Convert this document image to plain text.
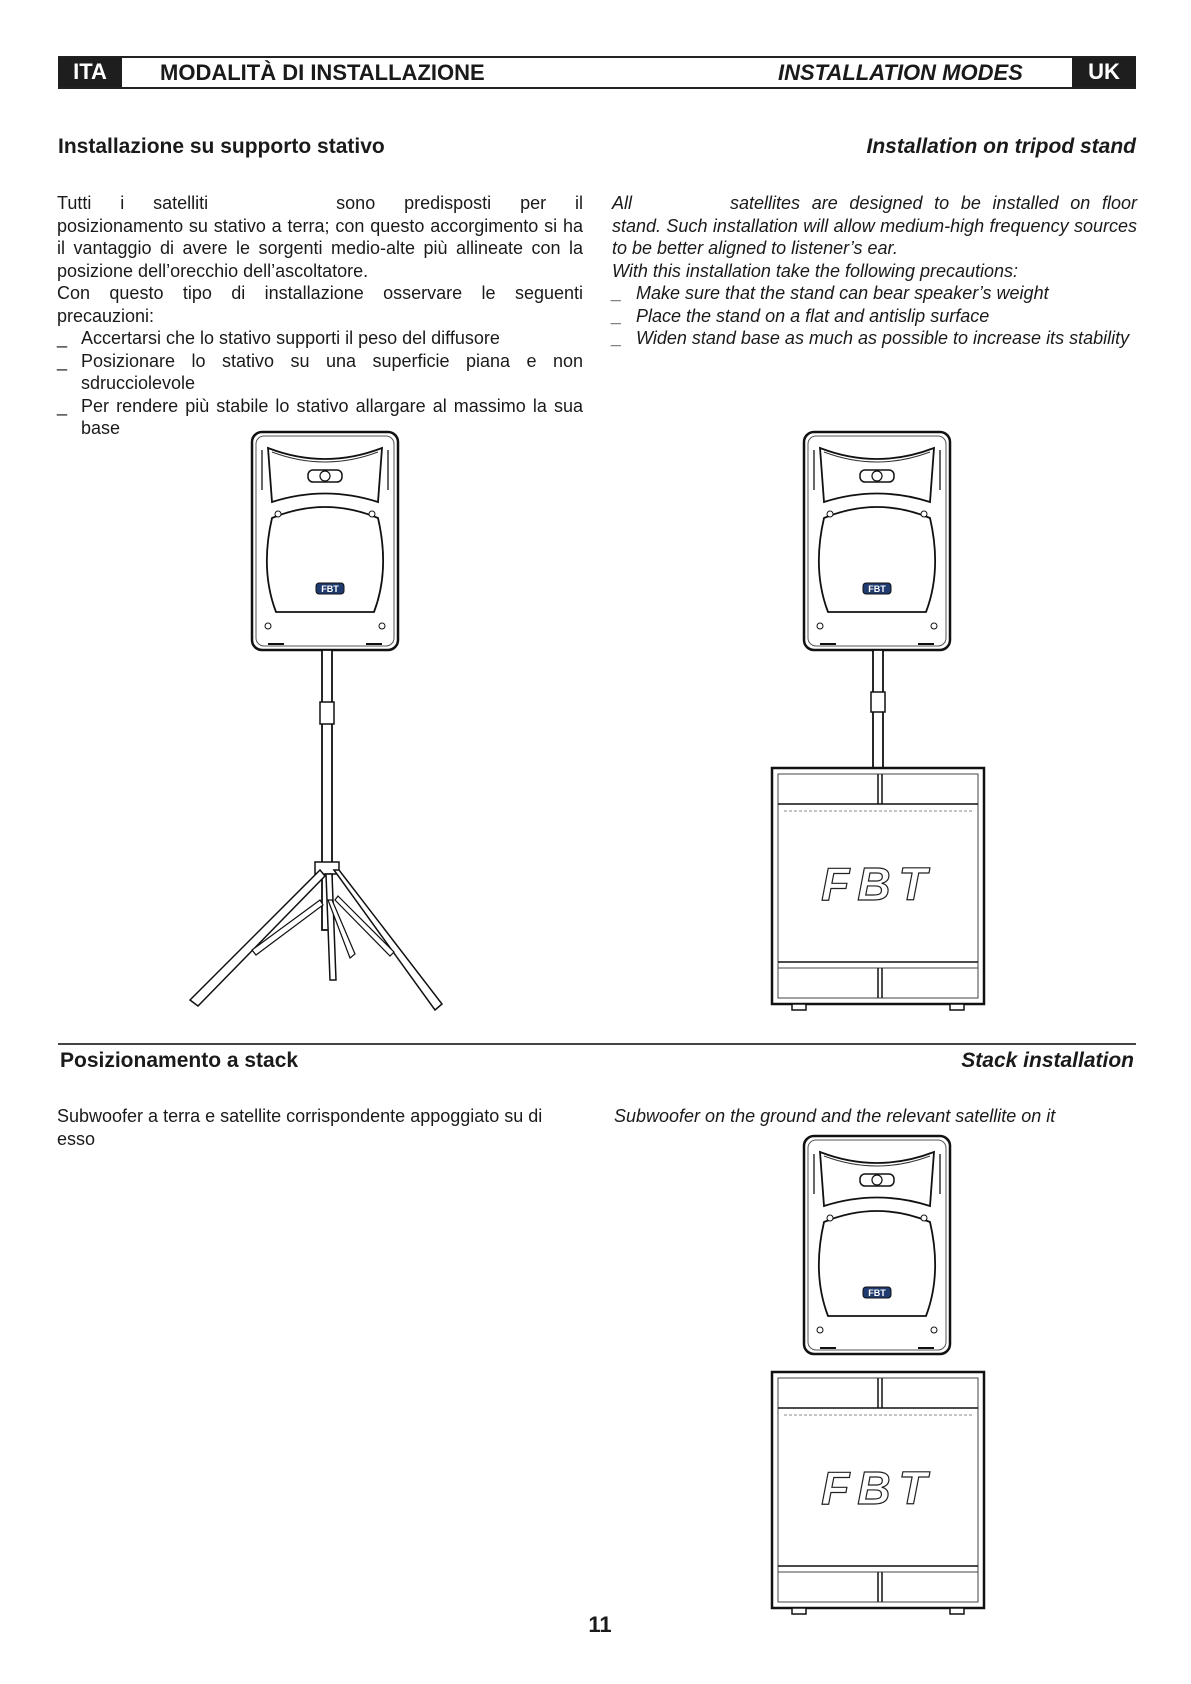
ITA	MODALITÀ DI INSTALLAZIONE	INSTALLATION MODES	UK
Installazione su supporto stativo	Installation on tripod stand

Tutti i satelliti	sono predisposti per il posizionamento su stativo a terra; con questo accorgimento si ha il vantaggio di avere le sorgenti medio-alte più allineate con la posizione dell’orecchio dell’ascoltatore.

Con questo tipo di installazione osservare le seguenti precauzioni:

_ Accertarsi che lo stativo supporti il peso del diffusore
_ Posizionare lo stativo su una superficie piana e non sdrucciolevole
_ Per rendere più stabile lo stativo allargare al massimo la sua base

All	satellites are designed to be installed on floor stand. Such installation will allow medium-high frequency sources to be better aligned to listener’s ear.

With this installation take the following precautions:

_ Make sure that the stand can bear speaker’s weight
_ Place the stand on a flat and antislip surface
_ Widen stand base as much as possible to increase its stability
FBT	FBT
FBT
Posizionamento a stack	Stack installation
Subwoofer a terra e satellite corrispondente appoggiato su di esso
Subwoofer on the ground and the relevant satellite on it
FBT
FBT
11
